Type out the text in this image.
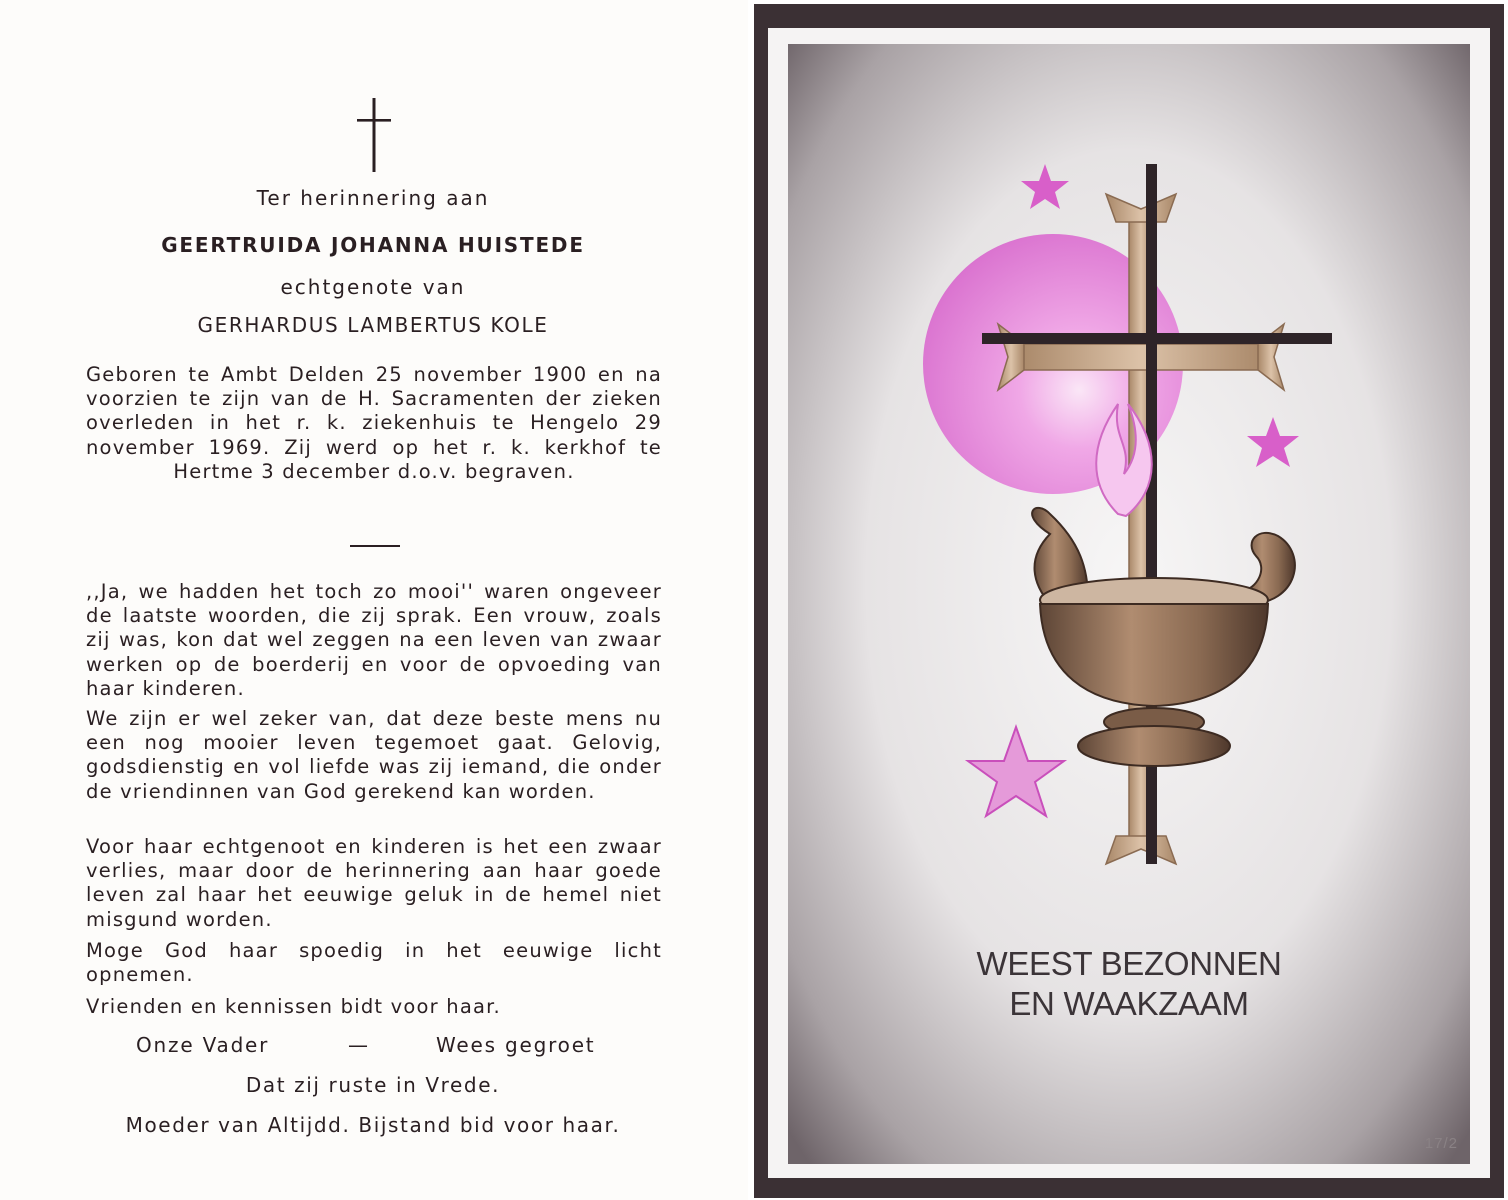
Ter herinnering aan
GEERTRUIDA JOHANNA HUISTEDE
echtgenote van
GERHARDUS LAMBERTUS KOLE
Geboren te Ambt Delden 25 november 1900 en na voorzien te zijn van de H. Sacramenten der zieken overleden in het r. k. ziekenhuis te Hengelo 29 november 1969. Zij werd op het r. k. kerkhof te Hertme 3 december d.o.v. begraven.
,,Ja, we hadden het toch zo mooi'' waren ongeveer de laatste woorden, die zij sprak. Een vrouw, zoals zij was, kon dat wel zeggen na een leven van zwaar werken op de boerderij en voor de opvoeding van haar kinderen.
We zijn er wel zeker van, dat deze beste mens nu een nog mooier leven tegemoet gaat. Gelovig, godsdienstig en vol liefde was zij iemand, die onder de vriendinnen van God gerekend kan worden.
Voor haar echtgenoot en kinderen is het een zwaar verlies, maar door de herinnering aan haar goede leven zal haar het eeuwige geluk in de hemel niet misgund worden.
Moge God haar spoedig in het eeuwige licht opnemen.
Vrienden en kennissen bidt voor haar.
Onze Vader	—	Wees gegroet
Dat zij ruste in Vrede.
Moeder van Altijdd. Bijstand bid voor haar.
WEEST BEZONNEN
EN WAAKZAAM
17/2
